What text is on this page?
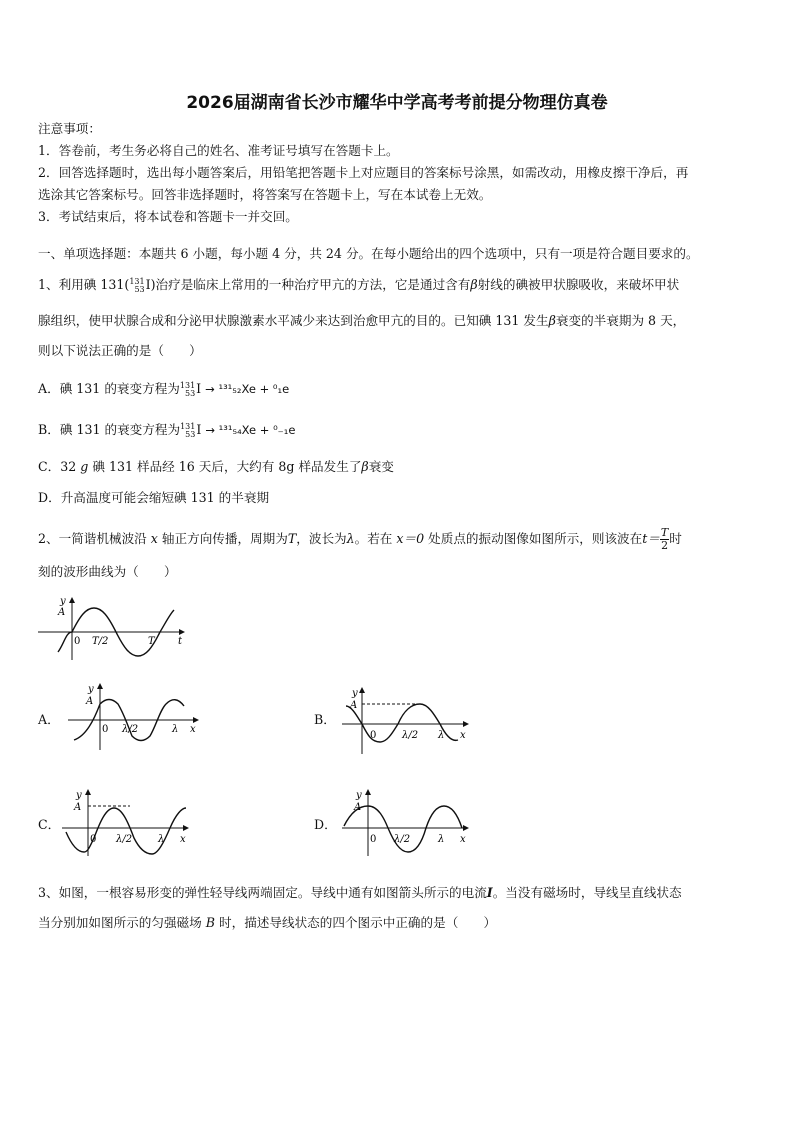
2026届湖南省长沙市耀华中学高考考前提分物理仿真卷
注意事项：
1．答卷前，考生务必将自己的姓名、准考证号填写在答题卡上。
2．回答选择题时，选出每小题答案后，用铅笔把答题卡上对应题目的答案标号涂黑，如需改动，用橡皮擦干净后，再
选涂其它答案标号。回答非选择题时，将答案写在答题卡上，写在本试卷上无效。
3．考试结束后，将本试卷和答题卡一并交回。
一、单项选择题：本题共 6 小题，每小题 4 分，共 24 分。在每小题给出的四个选项中，只有一项是符合题目要求的。
1、利用碘 131( 131
53 I)治疗是临床上常用的一种治疗甲亢的方法，它是通过含有β射线的碘被甲状腺吸收，来破坏甲状
腺组织，使甲状腺合成和分泌甲状腺激素水平减少来达到治愈甲亢的目的。已知碘 131 发生β衰变的半衰期为 8 天，
则以下说法正确的是（　　）
A．碘 131 的衰变方程为 131
53 I → ¹³¹₅₂Xe + ⁰₁e
B．碘 131 的衰变方程为 131
53 I → ¹³¹₅₄Xe + ⁰₋₁e
C．32 g 碘 131 样品经 16 天后，大约有 8g 样品发生了β衰变
D．升高温度可能会缩短碘 131 的半衰期
2、一简谐机械波沿 x 轴正方向传播，周期为T，波长为λ。若在 x＝0 处质点的振动图像如图所示，则该波在$t= \frac{T}{2}$ 时
刻的波形曲线为（　　）
y
A
0 T/2	T t
A．
y
A
0 λ/2	λ x
B．
y
A
0	λ/2 λ x
C．
y
A
0 λ/2	λ x
D．
y
A
0 λ/2	λ x
3、如图，一根容易形变的弹性轻导线两端固定。导线中通有如图箭头所示的电流I。当没有磁场时，导线呈直线状态
当分别加如图所示的匀强磁场 B 时，描述导线状态的四个图示中正确的是（　　）
